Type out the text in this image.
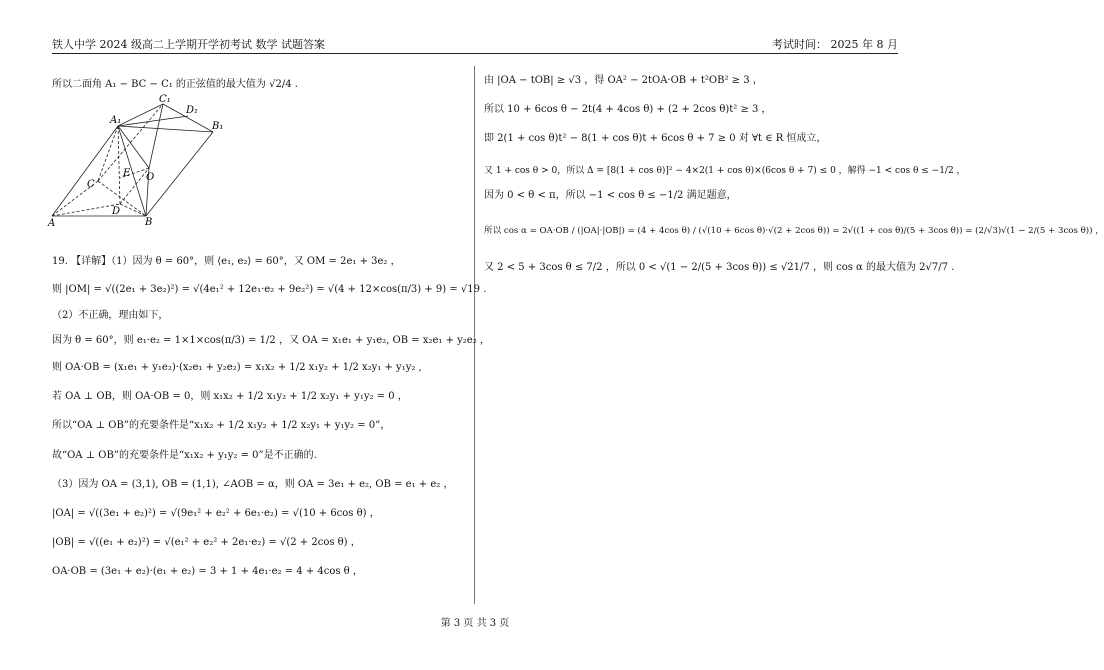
铁人中学 2024 级高二上学期开学初考试 数学 试题答案	考试时间： 2025 年 8 月
所以二面角 A₁ − BC − C₁ 的正弦值的最大值为 √2/4 .
A₁
C₁
D₁
B₁
E O
C
D
A	B
19. 【详解】（1）因为 θ = 60°，则 ⟨e₁, e₂⟩ = 60°，又 OM = 2e₁ + 3e₂ ，
则 |OM| = √((2e₁ + 3e₂)²) = √(4e₁² + 12e₁·e₂ + 9e₂²) = √(4 + 12×cos(π/3) + 9) = √19 .
（2）不正确，理由如下，
因为 θ = 60°，则 e₁·e₂ = 1×1×cos(π/3) = 1/2 ，又 OA = x₁e₁ + y₁e₂, OB = x₂e₁ + y₂e₂ ，
则 OA·OB = (x₁e₁ + y₁e₂)·(x₂e₁ + y₂e₂) = x₁x₂ + 1/2 x₁y₂ + 1/2 x₂y₁ + y₁y₂ ,
若 OA ⊥ OB，则 OA·OB = 0，则 x₁x₂ + 1/2 x₁y₂ + 1/2 x₂y₁ + y₁y₂ = 0 ，
所以“OA ⊥ OB”的充要条件是“x₁x₂ + 1/2 x₁y₂ + 1/2 x₂y₁ + y₁y₂ = 0”，
故“OA ⊥ OB”的充要条件是“x₁x₂ + y₁y₂ = 0”是不正确的.
（3）因为 OA = (3,1), OB = (1,1), ∠AOB = α，则 OA = 3e₁ + e₂, OB = e₁ + e₂ ，
|OA| = √((3e₁ + e₂)²) = √(9e₁² + e₂² + 6e₁·e₂) = √(10 + 6cos θ) ，
|OB| = √((e₁ + e₂)²) = √(e₁² + e₂² + 2e₁·e₂) = √(2 + 2cos θ) ，
OA·OB = (3e₁ + e₂)·(e₁ + e₂) = 3 + 1 + 4e₁·e₂ = 4 + 4cos θ ，
由 |OA − tOB| ≥ √3 ，得 OA² − 2tOA·OB + t²OB² ≥ 3 ，
所以 10 + 6cos θ − 2t(4 + 4cos θ) + (2 + 2cos θ)t² ≥ 3 ，
即 2(1 + cos θ)t² − 8(1 + cos θ)t + 6cos θ + 7 ≥ 0 对 ∀t ∈ R 恒成立，
又 1 + cos θ > 0，所以 Δ = [8(1 + cos θ)]² − 4×2(1 + cos θ)×(6cos θ + 7) ≤ 0 ，解得 −1 < cos θ ≤ −1/2 ，
因为 0 < θ < π，所以 −1 < cos θ ≤ −1/2 满足题意，
所以 cos α = OA·OB / (|OA|·|OB|) = (4 + 4cos θ) / (√(10 + 6cos θ)·√(2 + 2cos θ)) = 2√((1 + cos θ)/(5 + 3cos θ)) = (2/√3)√(1 − 2/(5 + 3cos θ)) ，
又 2 < 5 + 3cos θ ≤ 7/2 ，所以 0 < √(1 − 2/(5 + 3cos θ)) ≤ √21/7 ，则 cos α 的最大值为 2√7/7 .
第 3 页 共 3 页
